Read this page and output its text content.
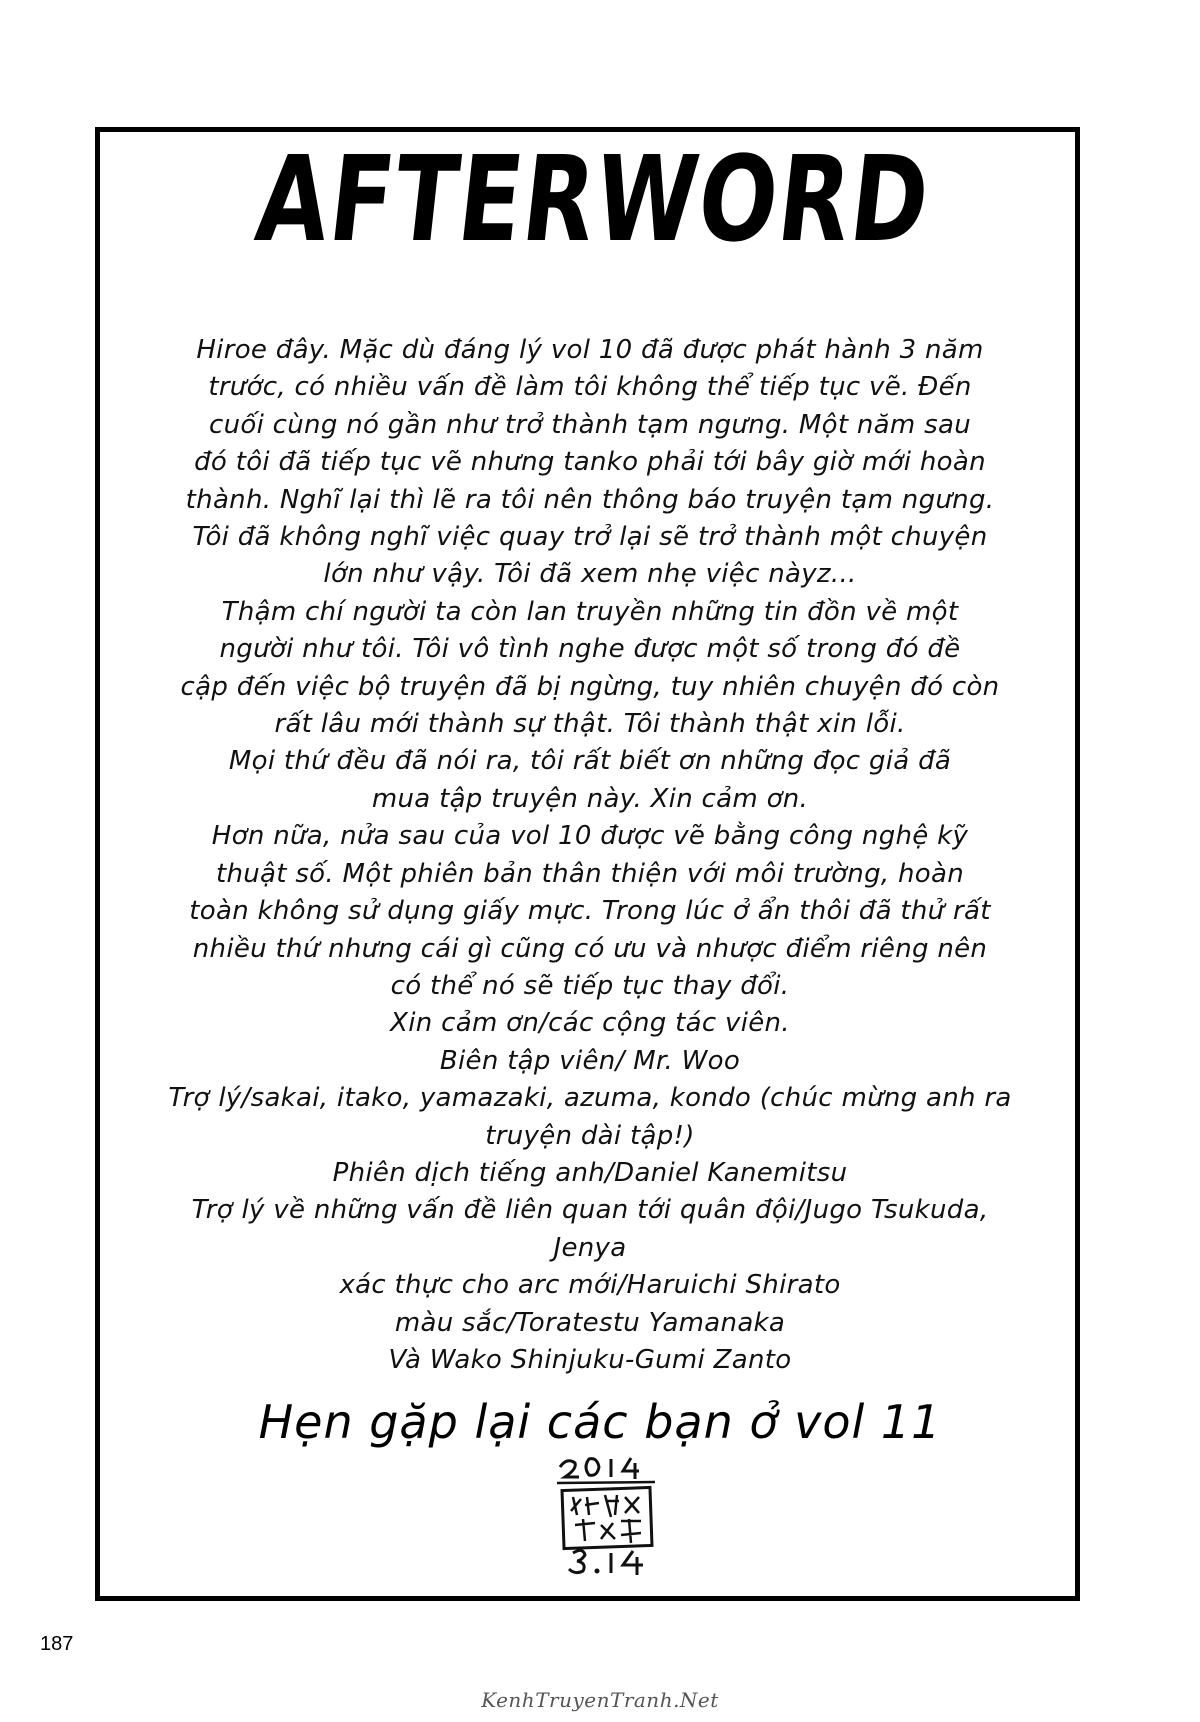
AFTERWORD
Hiroe đây. Mặc dù đáng lý vol 10 đã được phát hành 3 năm
trước, có nhiều vấn đề làm tôi không thể tiếp tục vẽ. Đến
cuối cùng nó gần như trở thành tạm ngưng. Một năm sau
đó tôi đã tiếp tục vẽ nhưng tanko phải tới bây giờ mới hoàn
thành. Nghĩ lại thì lẽ ra tôi nên thông báo truyện tạm ngưng.
Tôi đã không nghĩ việc quay trở lại sẽ trở thành một chuyện
lớn như vậy. Tôi đã xem nhẹ việc nàyz...
Thậm chí người ta còn lan truyền những tin đồn về một
người như tôi. Tôi vô tình nghe được một số trong đó đề
cập đến việc bộ truyện đã bị ngừng, tuy nhiên chuyện đó còn
rất lâu mới thành sự thật. Tôi thành thật xin lỗi.
Mọi thứ đều đã nói ra, tôi rất biết ơn những đọc giả đã
mua tập truyện này. Xin cảm ơn.
Hơn nữa, nửa sau của vol 10 được vẽ bằng công nghệ kỹ
thuật số. Một phiên bản thân thiện với môi trường, hoàn
toàn không sử dụng giấy mực. Trong lúc ở ẩn thôi đã thử rất
nhiều thứ nhưng cái gì cũng có ưu và nhược điểm riêng nên
có thể nó sẽ tiếp tục thay đổi.
Xin cảm ơn/các cộng tác viên.
Biên tập viên/ Mr. Woo
Trợ lý/sakai, itako, yamazaki, azuma, kondo (chúc mừng anh ra
truyện dài tập!)
Phiên dịch tiếng anh/Daniel Kanemitsu
Trợ lý về những vấn đề liên quan tới quân đội/Jugo Tsukuda,
Jenya
xác thực cho arc mới/Haruichi Shirato
màu sắc/Toratestu Yamanaka
Và Wako Shinjuku-Gumi Zanto
Hẹn gặp lại các bạn ở vol 11
187
KenhTruyenTranh.Net
